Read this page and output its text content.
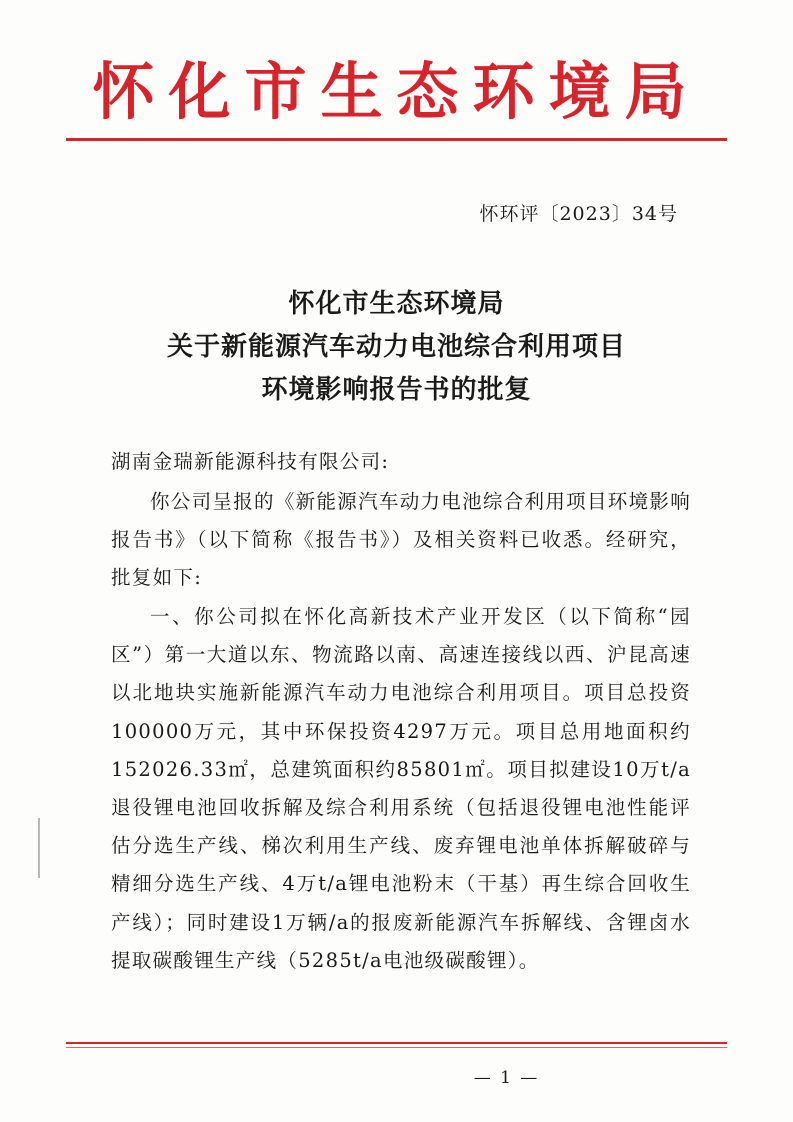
怀化市生态环境局
怀环评〔2023〕34号
怀化市生态环境局
关于新能源汽车动力电池综合利用项目
环境影响报告书的批复
湖南金瑞新能源科技有限公司:

你公司呈报的《新能源汽车动力电池综合利用项目环境影响报告书》（以下简称《报告书》）及相关资料已收悉。经研究，批复如下:

一、你公司拟在怀化高新技术产业开发区（以下简称“园区”）第一大道以东、物流路以南、高速连接线以西、沪昆高速以北地块实施新能源汽车动力电池综合利用项目。项目总投资100000万元，其中环保投资4297万元。项目总用地面积约152026.33㎡，总建筑面积约85801㎡。项目拟建设10万t/a退役锂电池回收拆解及综合利用系统（包括退役锂电池性能评估分选生产线、梯次利用生产线、废弃锂电池单体拆解破碎与精细分选生产线、4万t/a锂电池粉末（干基）再生综合回收生产线）；同时建设1万辆/a的报废新能源汽车拆解线、含锂卤水提取碳酸锂生产线（5285t/a电池级碳酸锂）。

— 1 —
